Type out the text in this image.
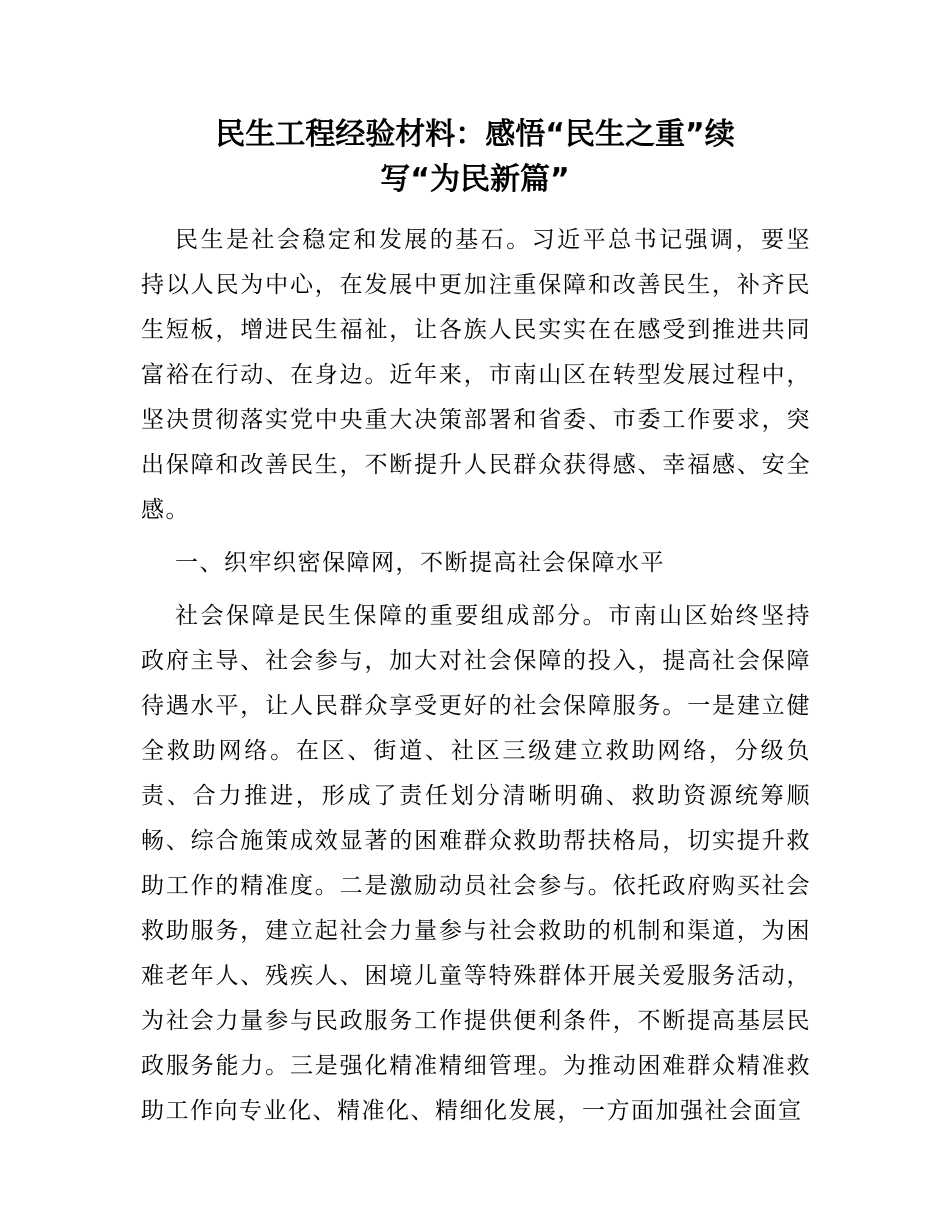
民生工程经验材料：感悟“民生之重”续
写“为民新篇”

民生是社会稳定和发展的基石。习近平总书记强调，要坚持以人民为中心，在发展中更加注重保障和改善民生，补齐民生短板，增进民生福祉，让各族人民实实在在感受到推进共同富裕在行动、在身边。近年来，市南山区在转型发展过程中，坚决贯彻落实党中央重大决策部署和省委、市委工作要求，突出保障和改善民生，不断提升人民群众获得感、幸福感、安全感。

一、织牢织密保障网，不断提高社会保障水平

社会保障是民生保障的重要组成部分。市南山区始终坚持政府主导、社会参与，加大对社会保障的投入，提高社会保障待遇水平，让人民群众享受更好的社会保障服务。一是建立健全救助网络。在区、街道、社区三级建立救助网络，分级负责、合力推进，形成了责任划分清晰明确、救助资源统筹顺畅、综合施策成效显著的困难群众救助帮扶格局，切实提升救助工作的精准度。二是激励动员社会参与。依托政府购买社会救助服务，建立起社会力量参与社会救助的机制和渠道，为困难老年人、残疾人、困境儿童等特殊群体开展关爱服务活动，为社会力量参与民政服务工作提供便利条件，不断提高基层民政服务能力。三是强化精准精细管理。为推动困难群众精准救助工作向专业化、精准化、精细化发展，一方面加强社会面宣
